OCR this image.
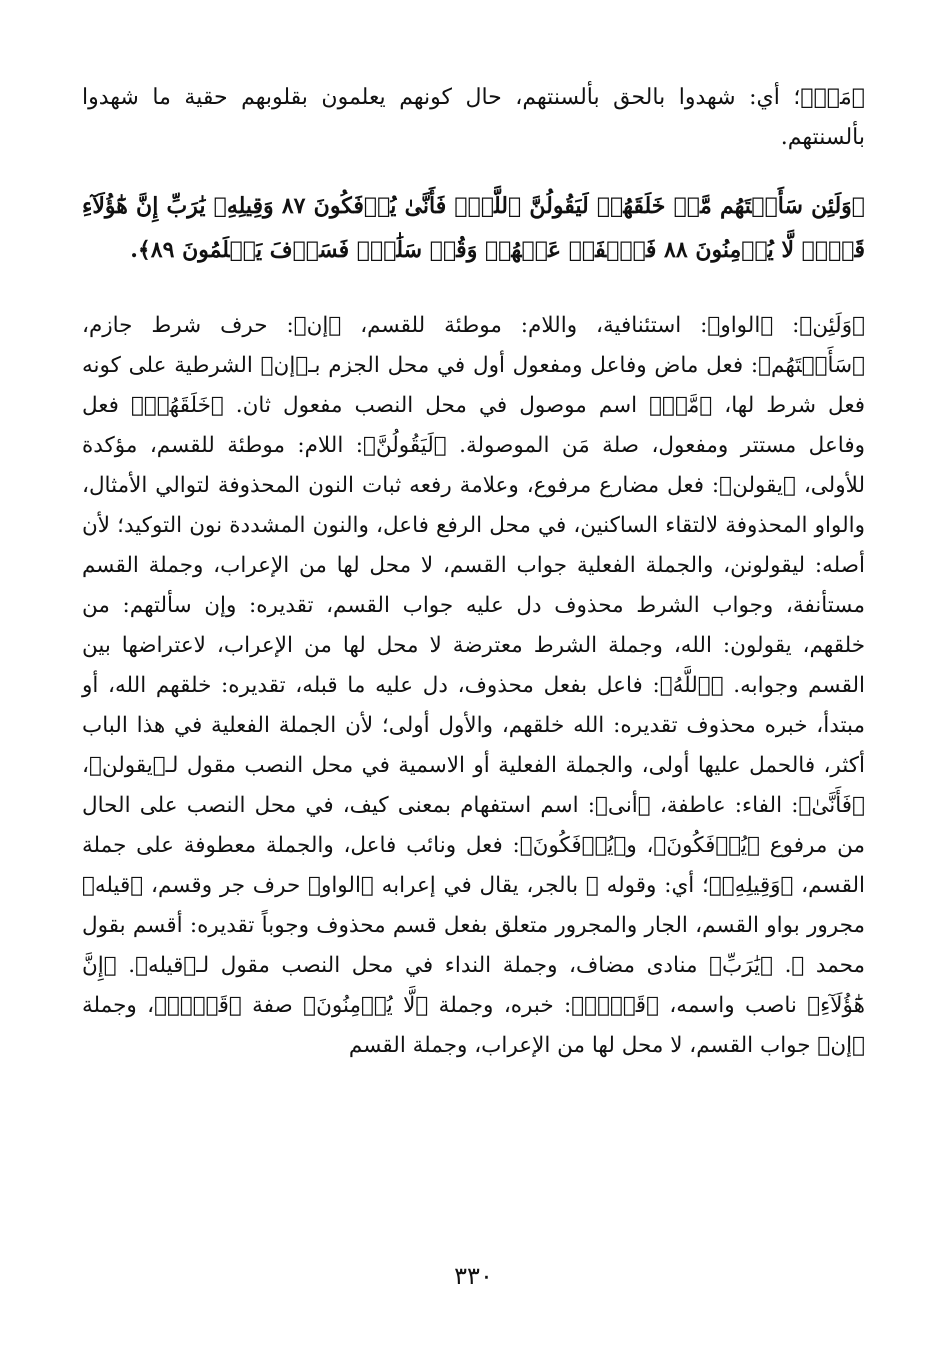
﴿مَنۡ﴾؛ أي: شهدوا بالحق بألسنتهم، حال كونهم يعلمون بقلوبهم حقية ما شهدوا بألسنتهم.

﴿وَلَئِن سَأَلۡتَهُم مَّنۡ خَلَقَهُمۡ لَيَقُولُنَّ ٱللَّهُۖ فَأَنَّىٰ يُؤۡفَكُونَ ٨٧ وَقِيلِهِۦ يَٰرَبِّ إِنَّ هَٰٓؤُلَآءِ قَوۡمٞ لَّا يُؤۡمِنُونَ ٨٨ فَٱصۡفَحۡ عَنۡهُمۡ وَقُلۡ سَلَٰمٞۚ فَسَوۡفَ يَعۡلَمُونَ ٨٩﴾.

﴿وَلَئِن﴾: ﴿الواو﴾: استئنافية، واللام: موطئة للقسم، ﴿إن﴾: حرف شرط جازم، ﴿سَأَلۡتَهُم﴾: فعل ماض وفاعل ومفعول أول في محل الجزم بـ﴿إن﴾ الشرطية على كونه فعل شرط لها، ﴿مَّنۡ﴾ اسم موصول في محل النصب مفعول ثان. ﴿خَلَقَهُمۡ﴾ فعل وفاعل مستتر ومفعول، صلة مَن الموصولة. ﴿لَيَقُولُنَّ﴾: اللام: موطئة للقسم، مؤكدة للأولى، ﴿يقولن﴾: فعل مضارع مرفوع، وعلامة رفعه ثبات النون المحذوفة لتوالي الأمثال، والواو المحذوفة لالتقاء الساكنين، في محل الرفع فاعل، والنون المشددة نون التوكيد؛ لأن أصله: ليقولونن، والجملة الفعلية جواب القسم، لا محل لها من الإعراب، وجملة القسم مستأنفة، وجواب الشرط محذوف دل عليه جواب القسم، تقديره: وإن سألتهم: من خلقهم، يقولون: الله، وجملة الشرط معترضة لا محل لها من الإعراب، لاعتراضها بين القسم وجوابه. ﴿ٱللَّهُ﴾: فاعل بفعل محذوف، دل عليه ما قبله، تقديره: خلقهم الله، أو مبتدأ، خبره محذوف تقديره: الله خلقهم، والأول أولى؛ لأن الجملة الفعلية في هذا الباب أكثر، فالحمل عليها أولى، والجملة الفعلية أو الاسمية في محل النصب مقول لـ﴿يقولن﴾، ﴿فَأَنَّىٰ﴾: الفاء: عاطفة، ﴿أنى﴾: اسم استفهام بمعنى كيف، في محل النصب على الحال من مرفوع ﴿يُؤۡفَكُونَ﴾، و﴿يُؤۡفَكُونَ﴾: فعل ونائب فاعل، والجملة معطوفة على جملة القسم، ﴿وَقِيلِهِۦ﴾؛ أي: وقوله ﷺ بالجر، يقال في إعرابه ﴿الواو﴾ حرف جر وقسم، ﴿قيله﴾ مجرور بواو القسم، الجار والمجرور متعلق بفعل قسم محذوف وجوباً تقديره: أقسم بقول محمد ﷺ. ﴿يَٰرَبِّ﴾ منادى مضاف، وجملة النداء في محل النصب مقول لـ﴿قيله﴾. ﴿إِنَّ هَٰٓؤُلَآءِ﴾ ناصب واسمه، ﴿قَوۡمٞ﴾: خبره، وجملة ﴿لَّا يُؤۡمِنُونَ﴾ صفة ﴿قَوۡمٞ﴾، وجملة ﴿إن﴾ جواب القسم، لا محل لها من الإعراب، وجملة القسم

٣٣٠
